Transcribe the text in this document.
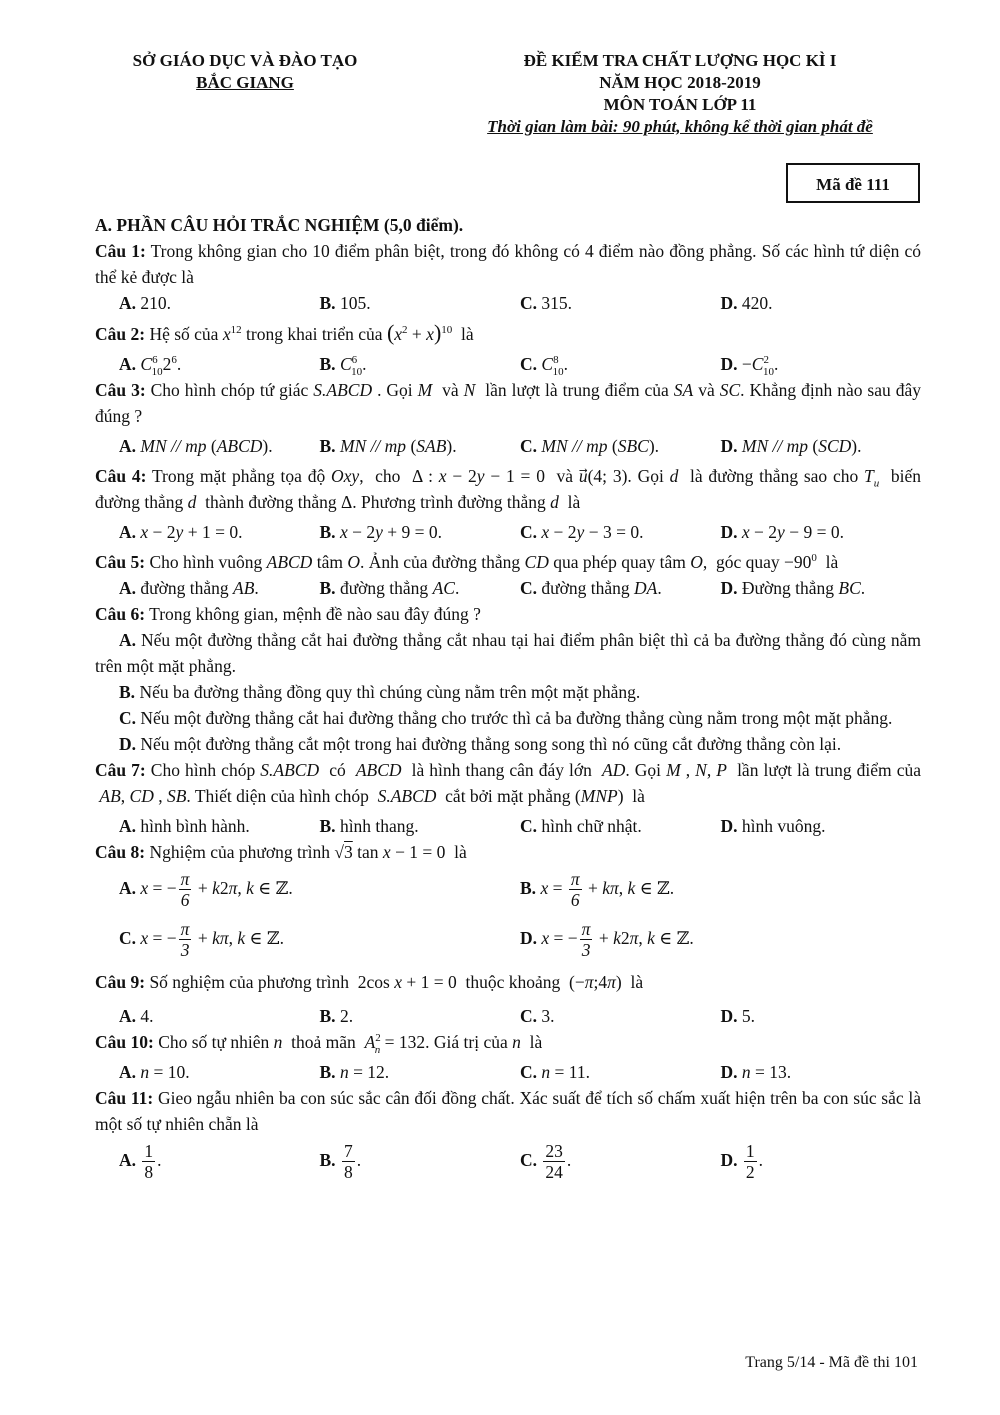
SỞ GIÁO DỤC VÀ ĐÀO TẠO
BẮC GIANG
ĐỀ KIỂM TRA CHẤT LƯỢNG HỌC KÌ I
NĂM HỌC 2018-2019
MÔN TOÁN LỚP 11
Thời gian làm bài: 90 phút, không kể thời gian phát đề
Mã đề 111
A. PHẦN CÂU HỎI TRẮC NGHIỆM (5,0 điểm).
Câu 1: Trong không gian cho 10 điểm phân biệt, trong đó không có 4 điểm nào đồng phẳng. Số các hình tứ diện có thể kẻ được là
A. 210.	B. 105.	C. 315.	D. 420.
Câu 2: Hệ số của $x^{12}$ trong khai triển của $(x^2 + x)^{10}$  là
A. $C^6_{10}2^6$.	B. $C^6_{10}$.	C. $C^8_{10}$.	D. $-C^2_{10}$.
Câu 3: Cho hình chóp tứ giác S.ABCD . Gọi M  và N  lần lượt là trung điểm của SA và SC. Khẳng định nào sau đây đúng ?
A. MN // mp (ABCD).	B. MN // mp (SAB).	C. MN // mp (SBC).	D. MN // mp (SCD).
Câu 4: Trong mặt phẳng tọa độ Oxy,  cho  Δ : x − 2y − 1 = 0  và u⃗(4; 3). Gọi d  là đường thẳng sao cho $T_u$  biến đường thẳng d  thành đường thẳng Δ. Phương trình đường thẳng d  là
A. x − 2y + 1 = 0.	B. x − 2y + 9 = 0.	C. x − 2y − 3 = 0.	D. x − 2y − 9 = 0.
Câu 5: Cho hình vuông ABCD tâm O. Ảnh của đường thẳng CD qua phép quay tâm O,  góc quay $-90^0$  là
A. đường thẳng AB.	B. đường thẳng AC.	C. đường thẳng DA.	D. Đường thẳng BC.
Câu 6: Trong không gian, mệnh đề nào sau đây đúng ?
A. Nếu một đường thẳng cắt hai đường thẳng cắt nhau tại hai điểm phân biệt thì cả ba đường thẳng đó cùng nằm trên một mặt phẳng.
B. Nếu ba đường thẳng đồng quy thì chúng cùng nằm trên một mặt phẳng.
C. Nếu một đường thẳng cắt hai đường thẳng cho trước thì cả ba đường thẳng cùng nằm trong một mặt phẳng.
D. Nếu một đường thẳng cắt một trong hai đường thẳng song song thì nó cũng cắt đường thẳng còn lại.
Câu 7: Cho hình chóp S.ABCD  có  ABCD  là hình thang cân đáy lớn  AD. Gọi M , N, P  lần lượt là trung điểm của  AB, CD , SB. Thiết diện của hình chóp  S.ABCD  cắt bởi mặt phẳng (MNP)  là
A. hình bình hành.	B. hình thang.	C. hình chữ nhật.	D. hình vuông.
Câu 8: Nghiệm của phương trình √3 tan x − 1 = 0  là
A. x = − $\frac{\pi}{6} + k2\pi$, k ∈ ℤ.	B. $x = \frac{\pi}{6} + k\pi$, k ∈ ℤ.
C. x = − $\frac{\pi}{3} + k\pi$, k ∈ ℤ.	D. x = − $\frac{\pi}{3} + k2\pi$, k ∈ ℤ.
Câu 9: Số nghiệm của phương trình  2cos x + 1 = 0  thuộc khoảng  (−π;4π)  là
A. 4.	B. 2.	C. 3.	D. 5.
Câu 10: Cho số tự nhiên n  thoả mãn  $A^2_n = 132$. Giá trị của n  là
A. n = 10.	B. n = 12.	C. n = 11.	D. n = 13.
Câu 11: Gieo ngẫu nhiên ba con súc sắc cân đối đồng chất. Xác suất để tích số chấm xuất hiện trên ba con súc sắc là một số tự nhiên chẵn là
A. $\frac{1}{8}$ .	B. $\frac{7}{8}$ .	C. $\frac{23}{24}$ .	D. $\frac{1}{2}$ .
Trang 5/14 - Mã đề thi 101
